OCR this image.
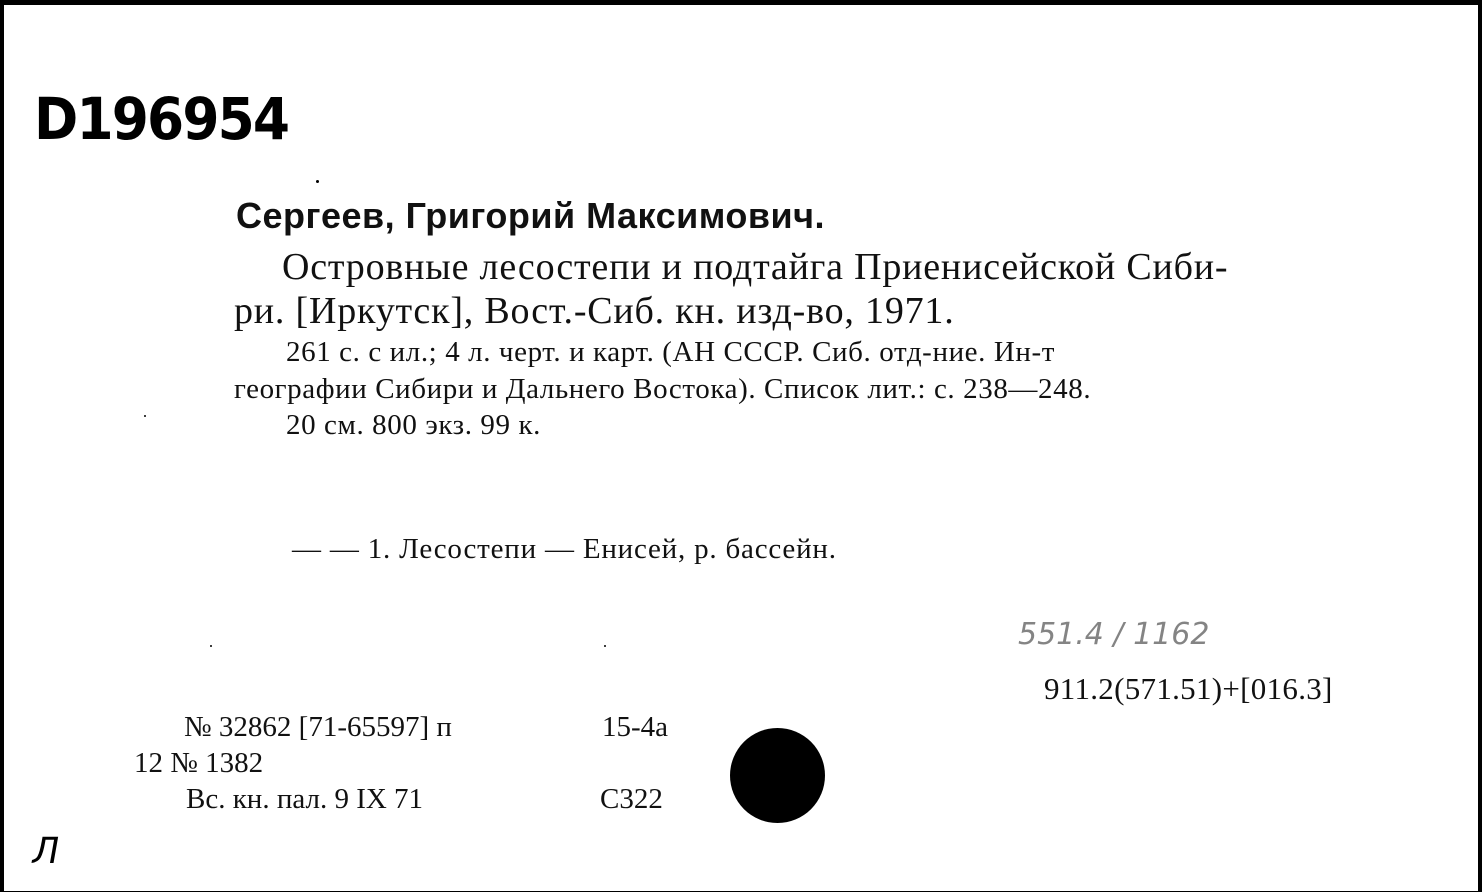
D196954
Сергеев, Григорий Максимович.
Островные лесостепи и подтайга Приенисейской Сиби-
ри. [Иркутск], Вост.-Сиб. кн. изд-во, 1971.
261 с. с ил.; 4 л. черт. и карт. (АН СССР. Сиб. отд-ние. Ин-т
географии Сибири и Дальнего Востока). Список лит.: с. 238—248.
20 см. 800 экз. 99 к.
— — 1. Лесостепи — Енисей, р. бассейн.
551.4 / 1162
911.2(571.51)+[016.3]
№ 32862 [71-65597] п	15-4а
12 № 1382
Вс. кн. пал. 9 IX 71	С322
Л
